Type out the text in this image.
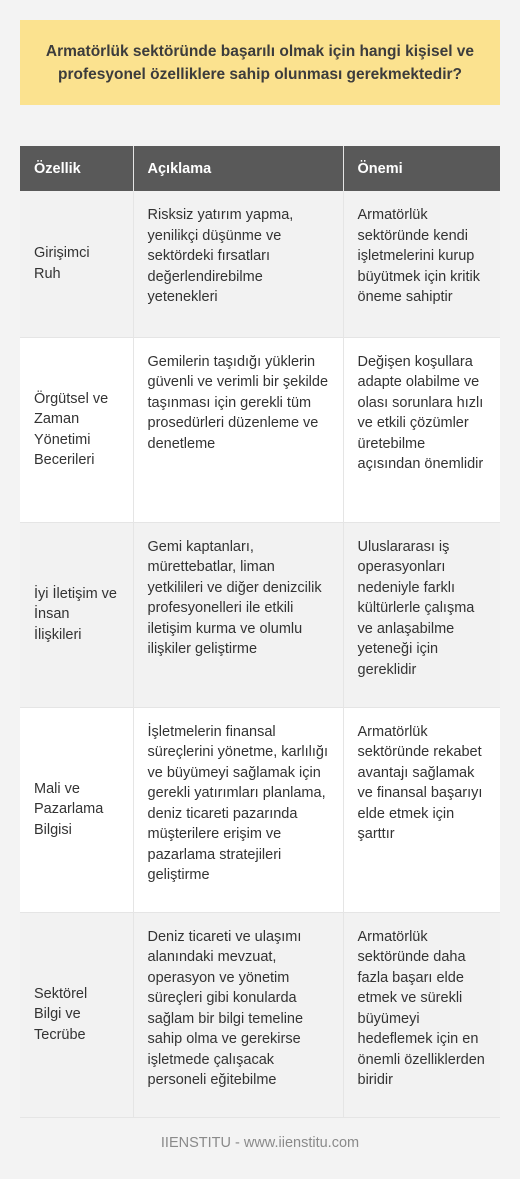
Armatörlük sektöründe başarılı olmak için hangi kişisel ve profesyonel özelliklere sahip olunması gerekmektedir?
Özellik	Açıklama	Önemi
Girişimci Ruh	Risksiz yatırım yapma, yenilikçi düşünme ve sektördeki fırsatları değerlendirebilme yetenekleri	Armatörlük sektöründe kendi işletmelerini kurup büyütmek için kritik öneme sahiptir
Örgütsel ve Zaman Yönetimi Becerileri	Gemilerin taşıdığı yüklerin güvenli ve verimli bir şekilde taşınması için gerekli tüm prosedürleri düzenleme ve denetleme	Değişen koşullara adapte olabilme ve olası sorunlara hızlı ve etkili çözümler üretebilme açısından önemlidir
İyi İletişim ve İnsan İlişkileri	Gemi kaptanları, mürettebatlar, liman yetkilileri ve diğer denizcilik profesyonelleri ile etkili iletişim kurma ve olumlu ilişkiler geliştirme	Uluslararası iş operasyonları nedeniyle farklı kültürlerle çalışma ve anlaşabilme yeteneği için gereklidir
Mali ve Pazarlama Bilgisi	İşletmelerin finansal süreçlerini yönetme, karlılığı ve büyümeyi sağlamak için gerekli yatırımları planlama, deniz ticareti pazarında müşterilere erişim ve pazarlama stratejileri geliştirme	Armatörlük sektöründe rekabet avantajı sağlamak ve finansal başarıyı elde etmek için şarttır
Sektörel Bilgi ve Tecrübe	Deniz ticareti ve ulaşımı alanındaki mevzuat, operasyon ve yönetim süreçleri gibi konularda sağlam bir bilgi temeline sahip olma ve gerekirse işletmede çalışacak personeli eğitebilme	Armatörlük sektöründe daha fazla başarı elde etmek ve sürekli büyümeyi hedeflemek için en önemli özelliklerden biridir
IIENSTITU - www.iienstitu.com
